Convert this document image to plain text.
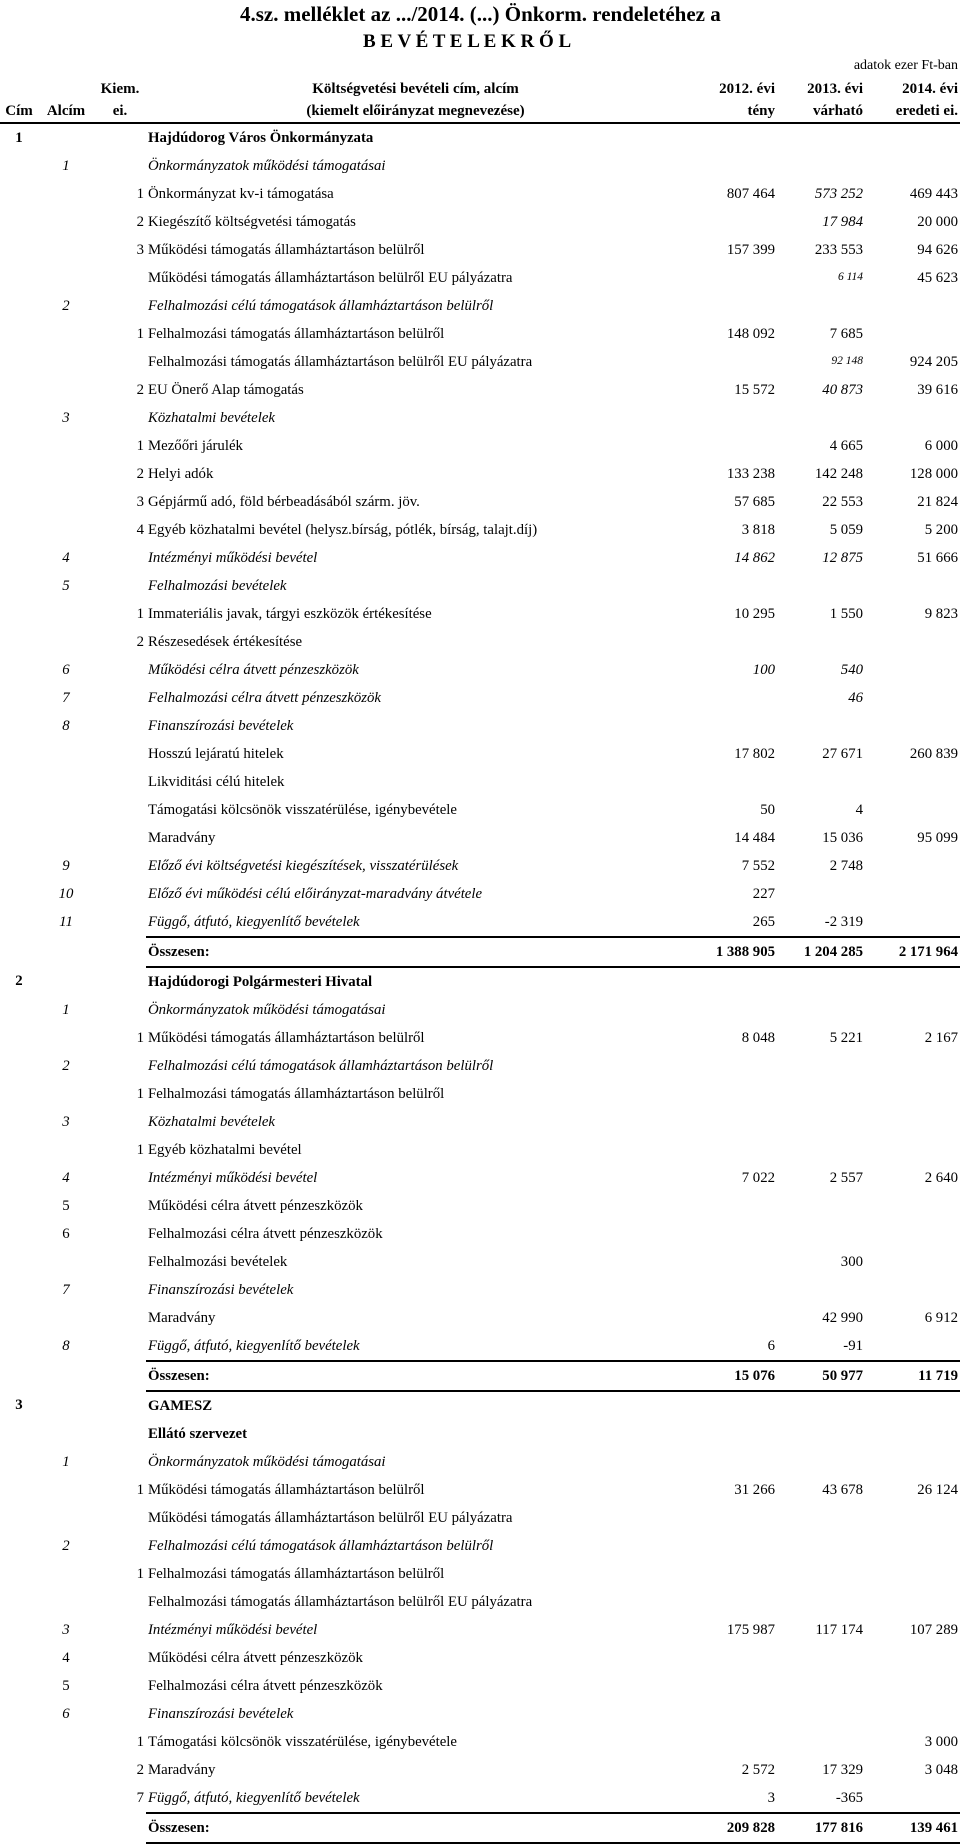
4.sz. melléklet az .../2014. (...) Önkorm. rendeletéhez a
B E V É T E L E K R Ő L
adatok ezer Ft-ban
		Kiem.	Költségvetési bevételi cím, alcím	2012. évi	2013. évi	2014. évi
Cím	Alcím	ei.	(kiemelt előirányzat megnevezése)	tény	várható	eredeti ei.
1			Hajdúdorog Város Önkormányzata			
	1		Önkormányzatok működési támogatásai			
		1	Önkormányzat kv-i támogatása	807 464	573 252	469 443
		2	Kiegészítő költségvetési támogatás		17 984	20 000
		3	Működési támogatás államháztartáson belülről	157 399	233 553	94 626
			Működési támogatás államháztartáson belülről EU pályázatra		6 114	45 623
	2		Felhalmozási célú támogatások államháztartáson belülről			
		1	Felhalmozási támogatás államháztartáson belülről	148 092	7 685	
			Felhalmozási támogatás államháztartáson belülről EU pályázatra		92 148	924 205
		2	EU Önerő Alap támogatás	15 572	40 873	39 616
	3		Közhatalmi bevételek			
		1	Mezőőri járulék		4 665	6 000
		2	Helyi adók	133 238	142 248	128 000
		3	Gépjármű adó, föld bérbeadásából szárm. jöv.	57 685	22 553	21 824
		4	Egyéb közhatalmi bevétel (helysz.bírság, pótlék, bírság, talajt.díj)	3 818	5 059	5 200
	4		Intézményi működési bevétel	14 862	12 875	51 666
	5		Felhalmozási bevételek			
		1	Immateriális javak, tárgyi eszközök értékesítése	10 295	1 550	9 823
		2	Részesedések értékesítése			
	6		Működési célra átvett pénzeszközök	100	540	
	7		Felhalmozási célra átvett pénzeszközök		46	
	8		Finanszírozási bevételek			
			Hosszú lejáratú hitelek	17 802	27 671	260 839
			Likviditási célú hitelek			
			Támogatási kölcsönök visszatérülése, igénybevétele	50	4	
			Maradvány	14 484	15 036	95 099
	9		Előző évi költségvetési kiegészítések, visszatérülések	7 552	2 748	
	10		Előző évi működési célú előirányzat-maradvány átvétele	227		
	11		Függő, átfutó, kiegyenlítő bevételek	265	-2 319	
			Összesen:	1 388 905	1 204 285	2 171 964
2			Hajdúdorogi Polgármesteri Hivatal			
	1		Önkormányzatok működési támogatásai			
		1	Működési támogatás államháztartáson belülről	8 048	5 221	2 167
	2		Felhalmozási célú támogatások államháztartáson belülről			
		1	Felhalmozási támogatás államháztartáson belülről			
	3		Közhatalmi bevételek			
		1	Egyéb közhatalmi bevétel			
	4		Intézményi működési bevétel	7 022	2 557	2 640
	5		Működési célra átvett pénzeszközök			
	6		Felhalmozási célra átvett pénzeszközök			
			Felhalmozási bevételek		300	
	7		Finanszírozási bevételek			
			Maradvány		42 990	6 912
	8		Függő, átfutó, kiegyenlítő bevételek	6	-91	
			Összesen:	15 076	50 977	11 719
3			GAMESZ			
			Ellátó szervezet			
	1		Önkormányzatok működési támogatásai			
		1	Működési támogatás államháztartáson belülről	31 266	43 678	26 124
			Működési támogatás államháztartáson belülről EU pályázatra			
	2		Felhalmozási célú támogatások államháztartáson belülről			
		1	Felhalmozási támogatás államháztartáson belülről			
			Felhalmozási támogatás államháztartáson belülről EU pályázatra			
	3		Intézményi működési bevétel	175 987	117 174	107 289
	4		Működési célra átvett pénzeszközök			
	5		Felhalmozási célra átvett pénzeszközök			
	6		Finanszírozási bevételek			
		1	Támogatási kölcsönök visszatérülése, igénybevétele			3 000
		2	Maradvány	2 572	17 329	3 048
		7	Függő, átfutó, kiegyenlítő bevételek	3	-365	
			Összesen:	209 828	177 816	139 461
